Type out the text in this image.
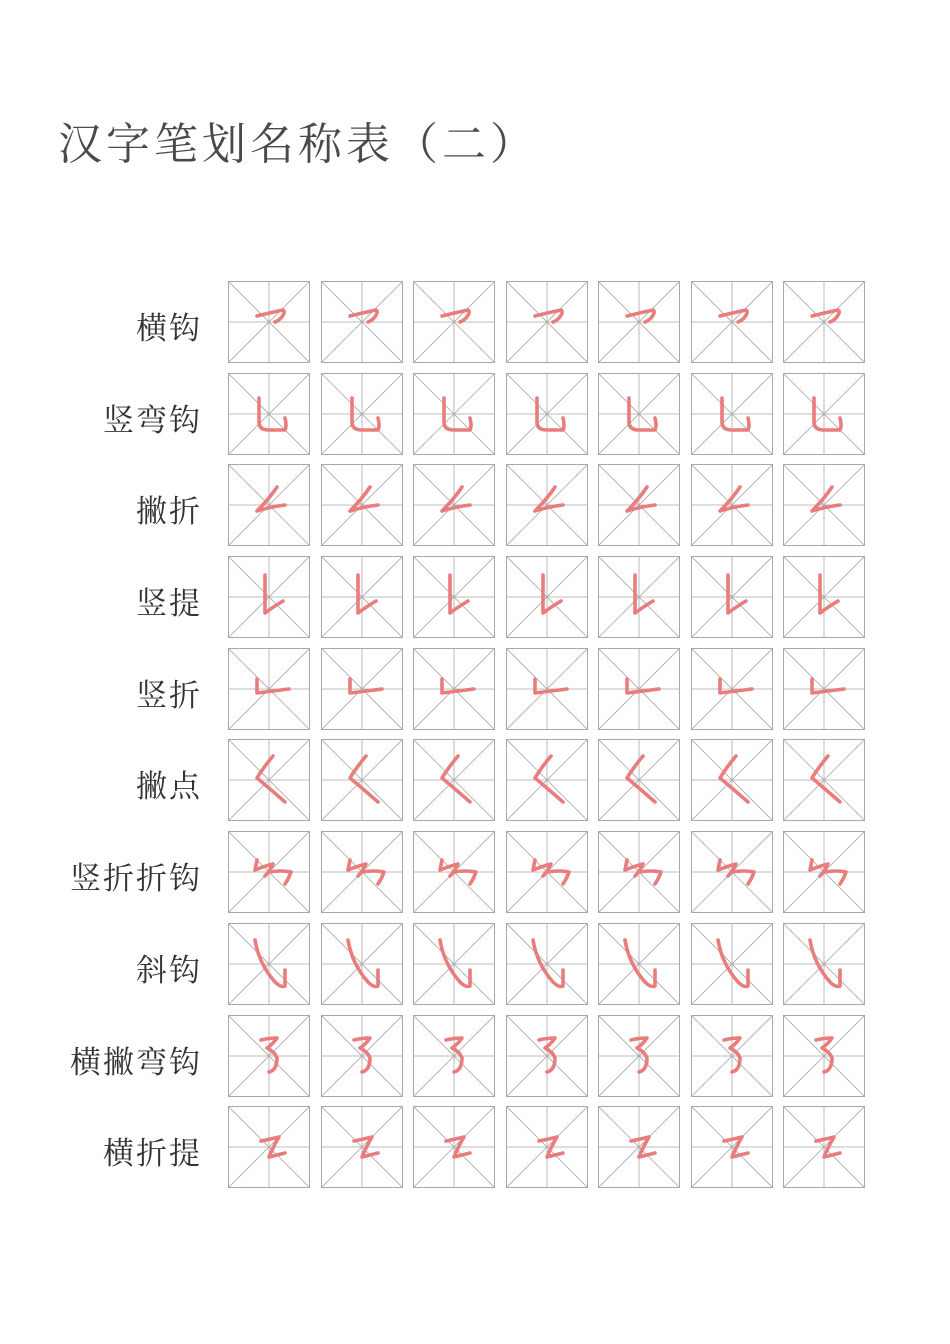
汉字笔划名称表（二）
横钩
竖弯钩
撇折
竖提
竖折
撇点
竖折折钩
斜钩
横撇弯钩
横折提
